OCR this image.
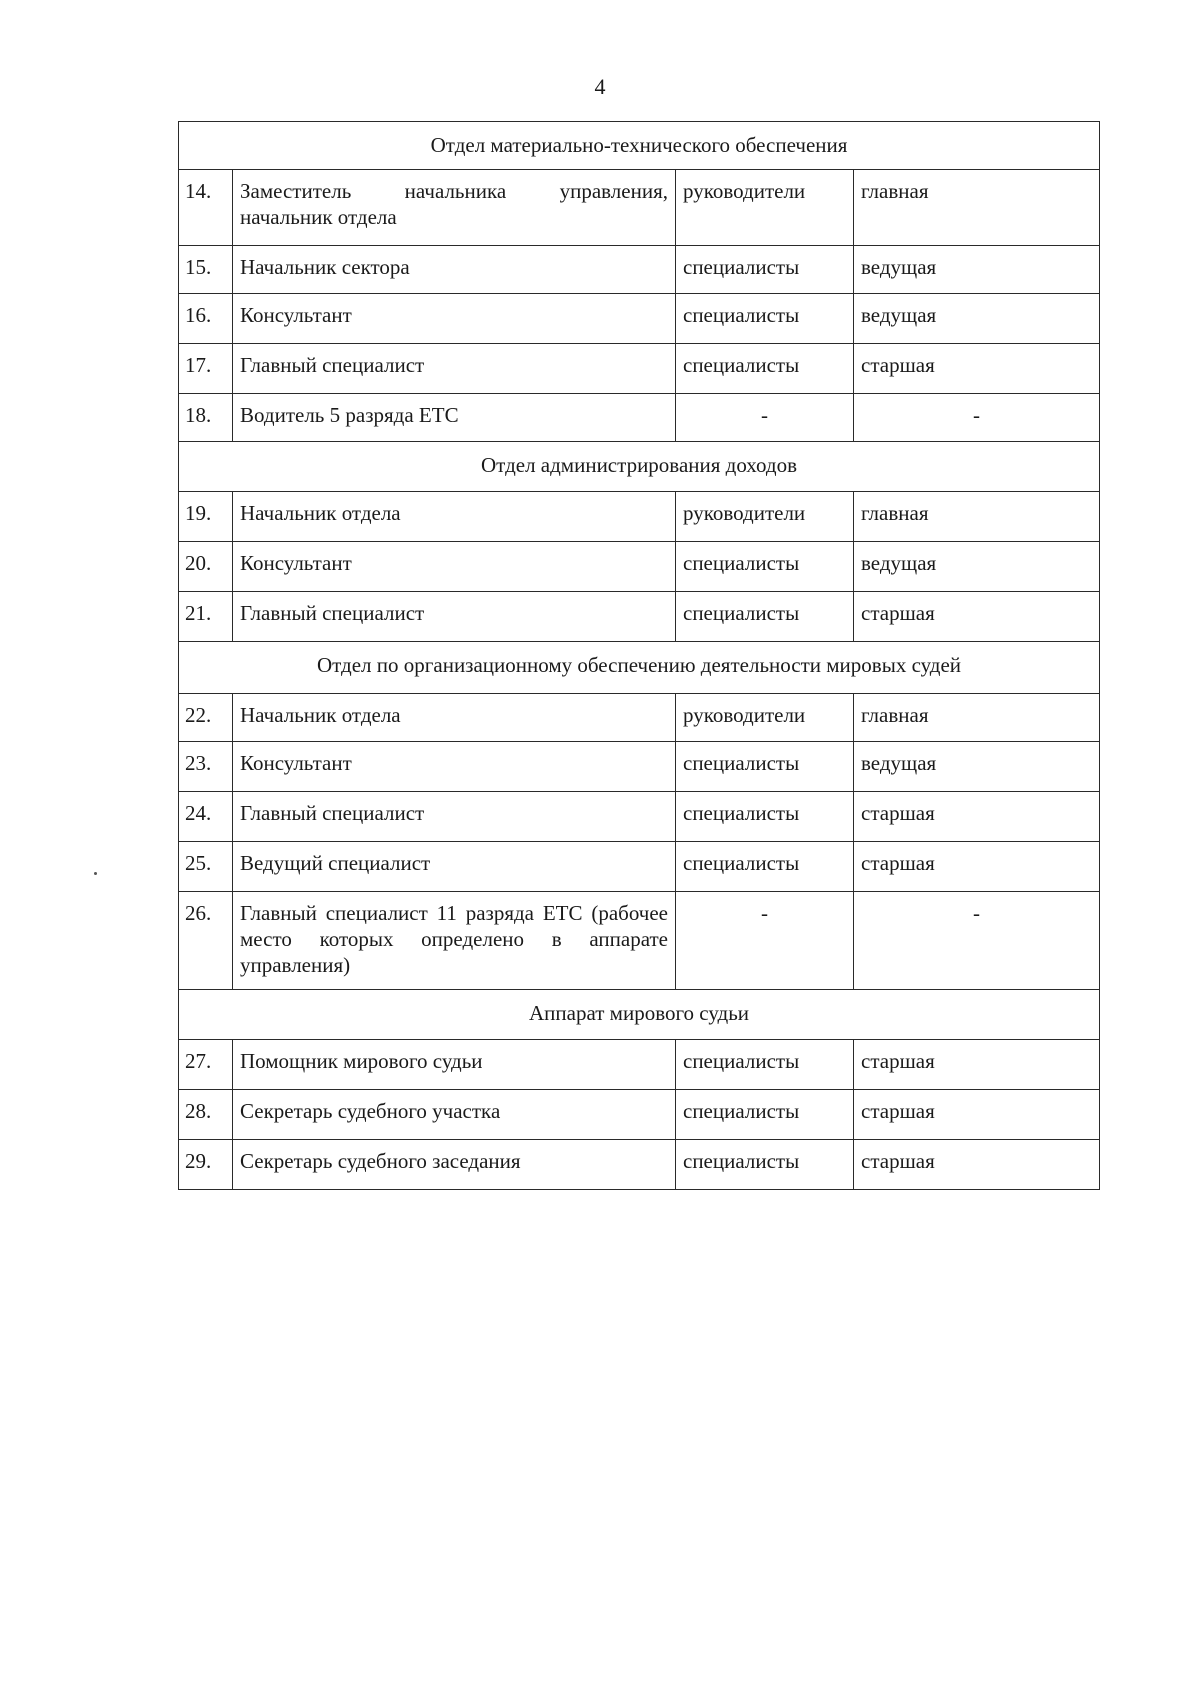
4
Отдел материально-технического обеспечения			
14.	Заместитель начальника управления, начальник отдела	руководители	главная
15.	Начальник сектора	специалисты	ведущая
16.	Консультант	специалисты	ведущая
17.	Главный специалист	специалисты	старшая
18.	Водитель 5 разряда ЕТС	-	-
Отдел администрирования доходов			
19.	Начальник отдела	руководители	главная
20.	Консультант	специалисты	ведущая
21.	Главный специалист	специалисты	старшая
Отдел по организационному обеспечению деятельности мировых судей			
22.	Начальник отдела	руководители	главная
23.	Консультант	специалисты	ведущая
24.	Главный специалист	специалисты	старшая
25.	Ведущий специалист	специалисты	старшая
26.	Главный специалист 11 разряда ЕТС (рабочее место которых определено в аппарате управления)	-	-
Аппарат мирового судьи			
27.	Помощник мирового судьи	специалисты	старшая
28.	Секретарь судебного участка	специалисты	старшая
29.	Секретарь судебного заседания	специалисты	старшая
